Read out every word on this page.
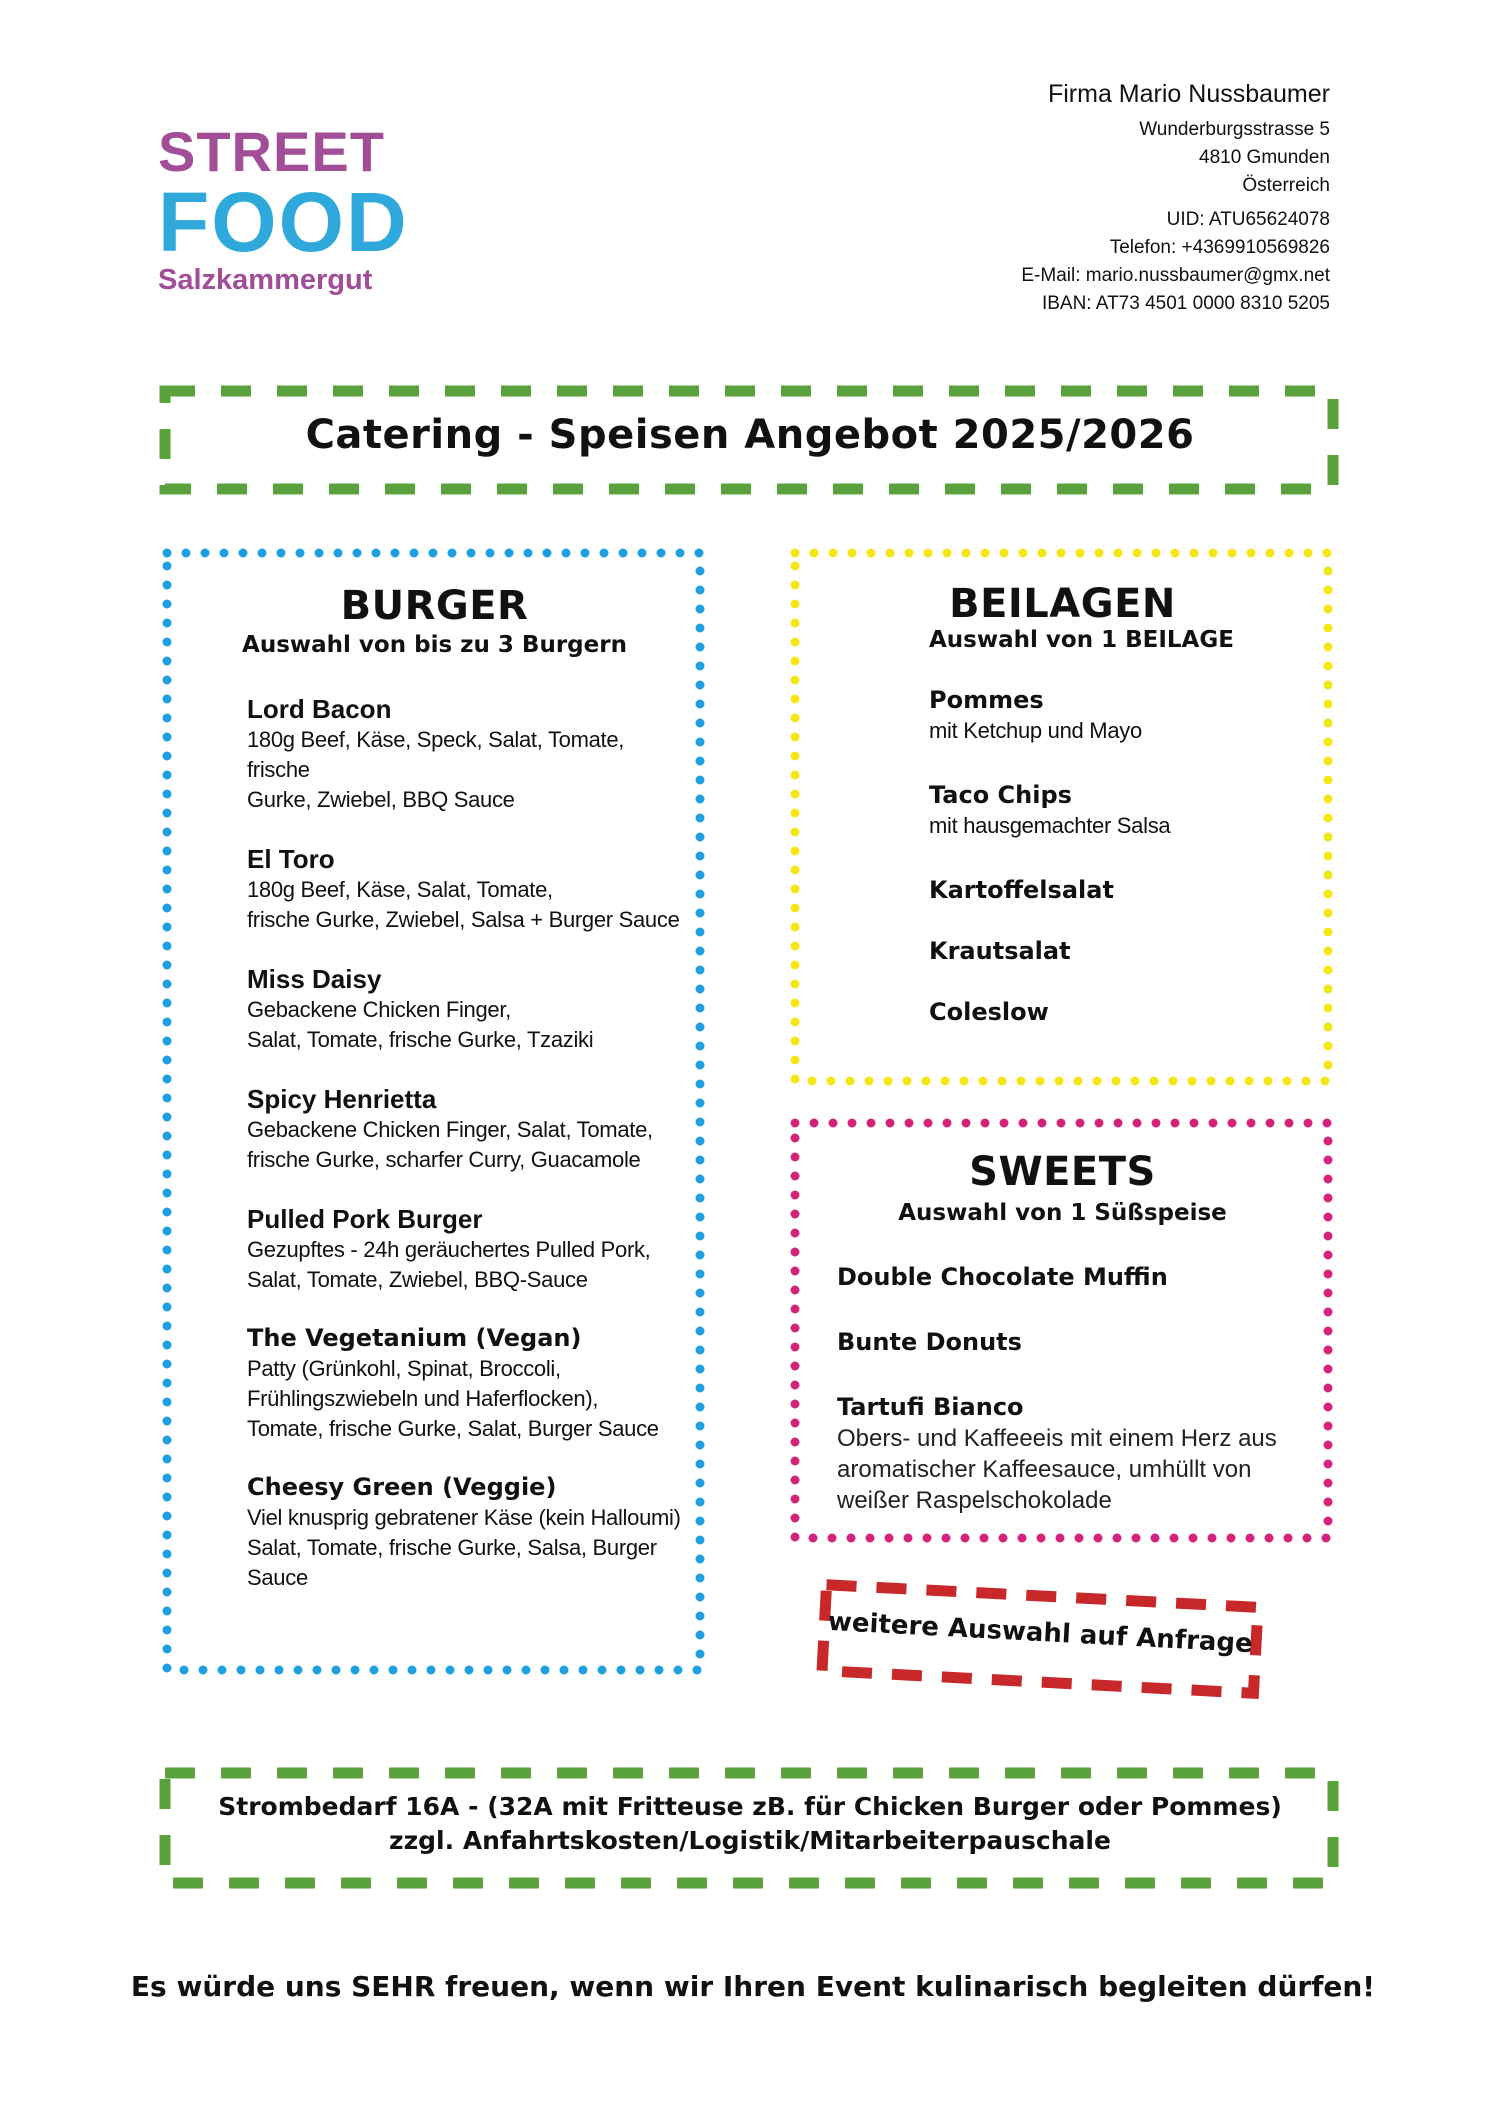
STREET
FOOD
Salzkammergut
Firma Mario Nussbaumer
Wunderburgsstrasse 5
4810 Gmunden
Österreich
UID: ATU65624078
Telefon: +4369910569826
E-Mail: mario.nussbaumer@gmx.net
IBAN: AT73 4501 0000 8310 5205
Catering - Speisen Angebot 2025/2026
BURGER
Auswahl von bis zu 3 Burgern
Lord Bacon
180g Beef, Käse, Speck, Salat, Tomate, frische
Gurke, Zwiebel, BBQ Sauce
El Toro
180g Beef, Käse, Salat, Tomate,
frische Gurke, Zwiebel, Salsa + Burger Sauce
Miss Daisy
Gebackene Chicken Finger,
Salat, Tomate, frische Gurke, Tzaziki
Spicy Henrietta
Gebackene Chicken Finger, Salat, Tomate,
frische Gurke, scharfer Curry, Guacamole
Pulled Pork Burger
Gezupftes - 24h geräuchertes Pulled Pork,
Salat, Tomate, Zwiebel, BBQ-Sauce
The Vegetanium (Vegan)
Patty (Grünkohl, Spinat, Broccoli,
Frühlingszwiebeln und Haferflocken),
Tomate, frische Gurke, Salat, Burger Sauce
Cheesy Green (Veggie)
Viel knusprig gebratener Käse (kein Halloumi)
Salat, Tomate, frische Gurke, Salsa, Burger Sauce
BEILAGEN
Auswahl von 1 BEILAGE
Pommes
mit Ketchup und Mayo
Taco Chips
mit hausgemachter Salsa
Kartoffelsalat
Krautsalat
Coleslow
SWEETS
Auswahl von 1 Süßspeise
Double Chocolate Muffin
Bunte Donuts
Tartufi Bianco
Obers- und Kaffeeeis mit einem Herz aus
aromatischer Kaffeesauce, umhüllt von
weißer Raspelschokolade
weitere Auswahl auf Anfrage
Strombedarf 16A - (32A mit Fritteuse zB. für Chicken Burger oder Pommes)
zzgl. Anfahrtskosten/Logistik/Mitarbeiterpauschale
Es würde uns SEHR freuen, wenn wir Ihren Event kulinarisch begleiten dürfen!
